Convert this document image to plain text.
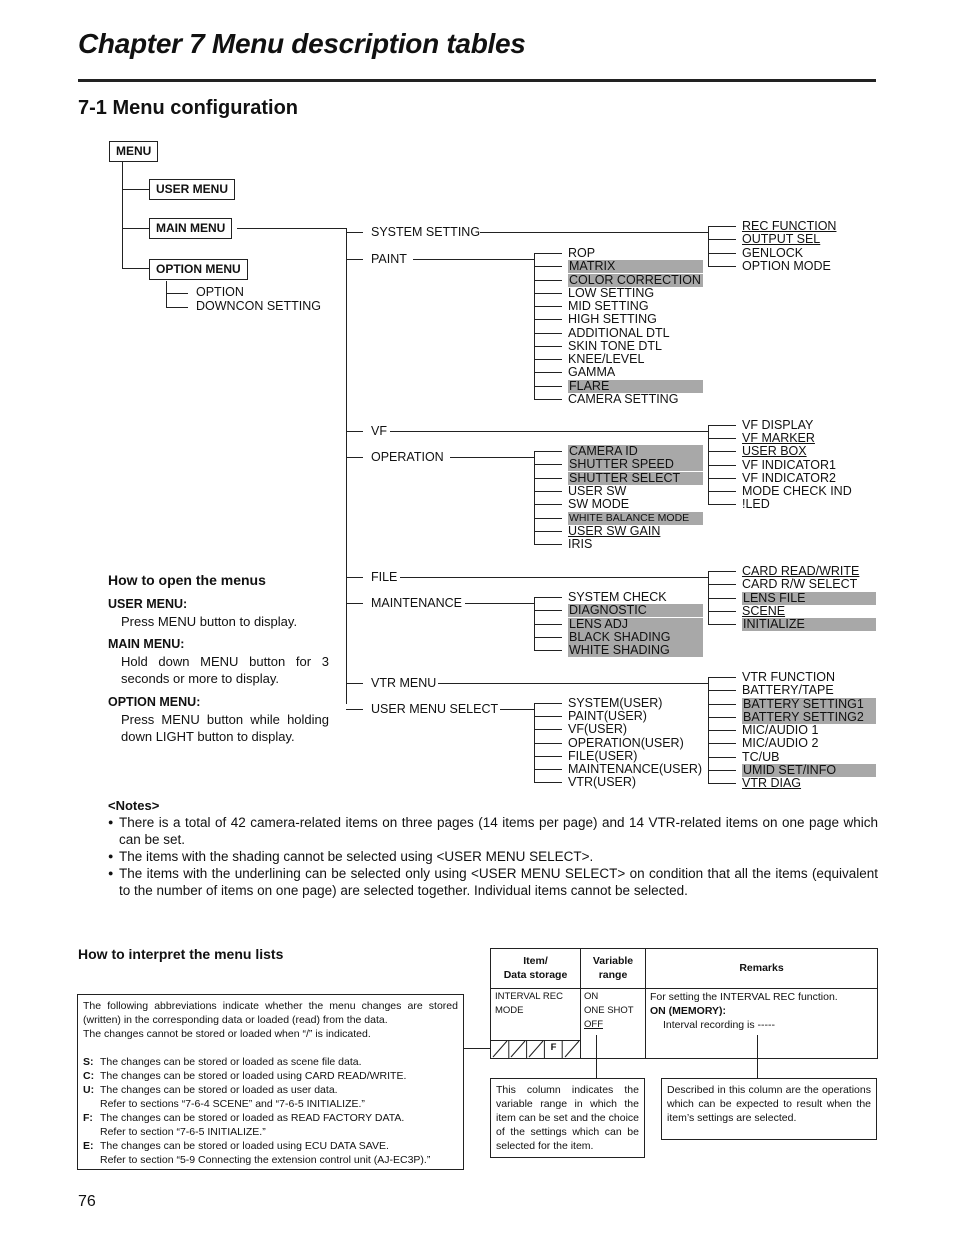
Chapter 7 Menu description tables
7-1 Menu configuration
MENU
USER MENU
MAIN MENU
OPTION MENU
OPTION
DOWNCON SETTING
SYSTEM SETTING
PAINT
VF
OPERATION
FILE
MAINTENANCE
VTR MENU
USER MENU SELECT
REC FUNCTION
OUTPUT SEL
GENLOCK
OPTION MODE
ROP
MATRIX
COLOR CORRECTION
LOW SETTING
MID SETTING
HIGH SETTING
ADDITIONAL DTL
SKIN TONE DTL
KNEE/LEVEL
GAMMA
FLARE
CAMERA SETTING
VF DISPLAY
VF MARKER
USER BOX
VF INDICATOR1
VF INDICATOR2
MODE CHECK IND
!LED
CAMERA ID
SHUTTER SPEED
SHUTTER SELECT
USER SW
SW MODE
WHITE BALANCE MODE
USER SW GAIN
IRIS
CARD READ/WRITE
CARD R/W SELECT
LENS FILE
SCENE
INITIALIZE
SYSTEM CHECK
DIAGNOSTIC
LENS ADJ
BLACK SHADING
WHITE SHADING
VTR FUNCTION
BATTERY/TAPE
BATTERY SETTING1
BATTERY SETTING2
MIC/AUDIO 1
MIC/AUDIO 2
TC/UB
UMID SET/INFO
VTR DIAG
SYSTEM(USER)
PAINT(USER)
VF(USER)
OPERATION(USER)
FILE(USER)
MAINTENANCE(USER)
VTR(USER)
How to open the menus
USER MENU:
Press MENU button to display.
MAIN MENU:
Hold down MENU button for 3 seconds or more to display.
OPTION MENU:
Press MENU button while holding down LIGHT button to display.
<Notes>
● There is a total of 42 camera-related items on three pages (14 items per page) and 14 VTR-related items on one page which can be set.
● The items with the shading cannot be selected using <USER MENU SELECT>.
● The items with the underlining can be selected only using <USER MENU SELECT> on condition that all the items (equivalent to the number of items on one page) are selected together. Individual items cannot be selected.
How to interpret the menu lists
The following abbreviations indicate whether the menu changes are stored (written) in the corresponding data or loaded (read) from the data.
The changes cannot be stored or loaded when “/” is indicated.
S: The changes can be stored or loaded as scene file data.
C: The changes can be stored or loaded using CARD READ/WRITE.
U: The changes can be stored or loaded as user data.
Refer to sections “7-6-4 SCENE” and “7-6-5 INITIALIZE.”
F: The changes can be stored or loaded as READ FACTORY DATA.
Refer to section “7-6-5 INITIALIZE.”
E: The changes can be stored or loaded using ECU DATA SAVE.
Refer to section “5-9 Connecting the extension control unit (AJ-EC3P).”
Item/
Data storage
Variable
range
Remarks
INTERVAL REC
MODE
ON
ONE SHOT
OFF
For setting the INTERVAL REC function.
ON (MEMORY):
Interval recording is -----
F
This column indicates the variable range in which the item can be set and the choice of the settings which can be selected for the item.
Described in this column are the operations which can be expected to result when the item’s settings are selected.
76
